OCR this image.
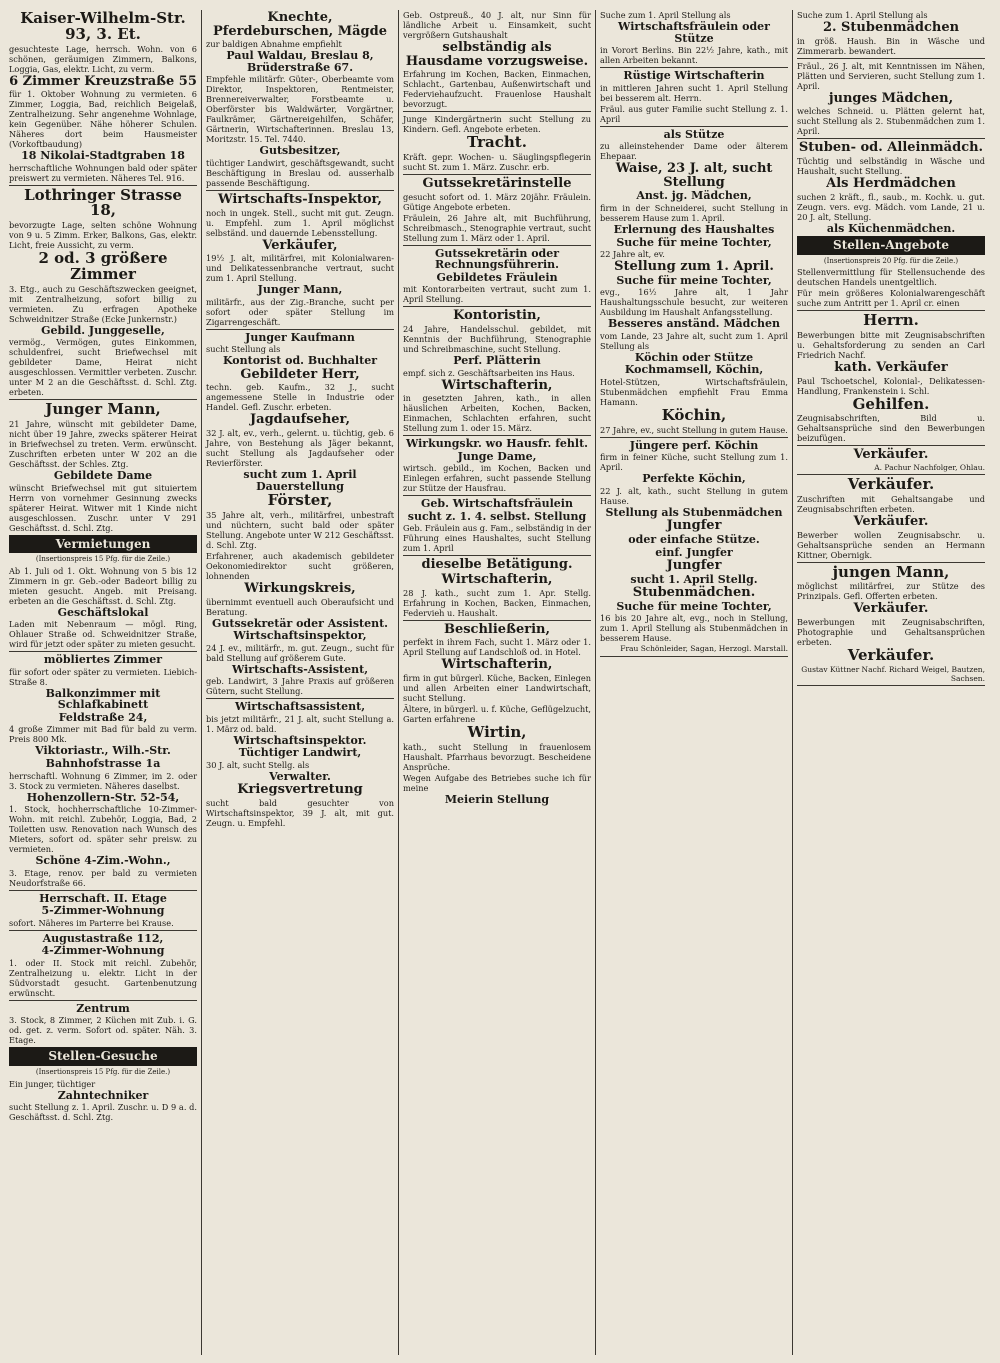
Kaiser-Wilhelm-Str. 93, 3. Et.
gesuchteste Lage, herrsch. Wohn. von 6 schönen, geräumigen Zimmern, Balkons, Loggia, Gas, elektr. Licht, zu verm.
6 Zimmer Kreuzstraße 55
für 1. Oktober Wohnung zu vermieten. 6 Zimmer, Loggia, Bad, reichlich Beigelaß, Zentralheizung. Sehr angenehme Wohnlage, kein Gegenüber. Nähe höherer Schulen. Näheres dort beim Hausmeister (Vorkoftbaudung)
18 Nikolai-Stadtgraben 18
herrschaftliche Wohnungen bald oder später preiswert zu vermieten. Näheres Tel. 916.
Lothringer Strasse 18,
bevorzugte Lage, selten schöne Wohnung von 9 u. 5 Zimm. Erker, Balkons, Gas, elektr. Licht, freie Aussicht, zu verm.
2 od. 3 größere Zimmer
3. Etg., auch zu Geschäftszwecken geeignet, mit Zentralheizung, sofort billig zu vermieten. Zu erfragen Apotheke Schweidnitzer Straße (Ecke Junkernstr.)
Gebild. Junggeselle,
vermög., Vermögen, gutes Einkommen, schuldenfrei, sucht Briefwechsel mit gebildeter Dame, Heirat nicht ausgeschlossen. Vermittler verbeten. Zuschr. unter M 2 an die Geschäftsst. d. Schl. Ztg. erbeten.
Junger Mann,
21 Jahre, wünscht mit gebildeter Dame, nicht über 19 Jahre, zwecks späterer Heirat in Briefwechsel zu treten. Verm. erwünscht. Zuschriften erbeten unter W 202 an die Geschäftsst. der Schles. Ztg.
Gebildete Dame
wünscht Briefwechsel mit gut situiertem Herrn von vornehmer Gesinnung zwecks späterer Heirat. Witwer mit 1 Kinde nicht ausgeschlossen. Zuschr. unter V 291 Geschäftsst. d. Schl. Ztg.
Vermietungen
(Insertionspreis 15 Pfg. für die Zeile.)
Ab 1. Juli od 1. Okt. Wohnung von 5 bis 12 Zimmern in gr. Geb.-oder Badeort billig zu mieten gesucht. Angeb. mit Preisang. erbeten an die Geschäftsst. d. Schl. Ztg.
Geschäftslokal
Laden mit Nebenraum — mögl. Ring, Ohlauer Straße od. Schweidnitzer Straße, wird für jetzt oder später zu mieten gesucht.
möbliertes Zimmer
für sofort oder später zu vermieten. Liebich-Straße 8.
Balkonzimmer mit Schlafkabinett
Feldstraße 24,
4 große Zimmer mit Bad für bald zu verm. Preis 800 Mk.
Viktoriastr., Wilh.-Str.
Bahnhofstrasse 1a
herrschaftl. Wohnung 6 Zimmer, im 2. oder 3. Stock zu vermieten. Näheres daselbst.
Hohenzollern-Str. 52-54,
1. Stock, hochherrschaftliche 10-Zimmer-Wohn. mit reichl. Zubehör, Loggia, Bad, 2 Toiletten usw. Renovation nach Wunsch des Mieters, sofort od. später sehr preisw. zu vermieten.
Schöne 4-Zim.-Wohn.,
3. Etage, renov. per bald zu vermieten Neudorfstraße 66.
Herrschaft. II. Etage
5-Zimmer-Wohnung
sofort. Näheres im Parterre bei Krause.
Augustastraße 112,
4-Zimmer-Wohnung
1. oder II. Stock mit reichl. Zubehör, Zentralheizung u. elektr. Licht in der Südvorstadt gesucht. Gartenbenutzung erwünscht.
Zentrum
3. Stock, 8 Zimmer, 2 Küchen mit Zub. i. G. od. get. z. verm. Sofort od. später. Näh. 3. Etage.
Stellen-Gesuche
(Insertionspreis 15 Pfg. für die Zeile.)
Ein junger, tüchtiger
Zahntechniker
sucht Stellung z. 1. April. Zuschr. u. D 9 a. d. Geschäftsst. d. Schl. Ztg.
Knechte, Pferdeburschen, Mägde
zur baldigen Abnahme empfiehlt
Paul Waldau, Breslau 8, Brüderstraße 67.
Empfehle militärfr. Güter-, Oberbeamte vom Direktor, Inspektoren, Rentmeister, Brennereiverwalter, Forstbeamte u. Oberförster bis Waldwärter, Vorgärtner, Faulkrämer, Gärtnereigehilfen, Schäfer, Gärtnerin, Wirtschafterinnen. Breslau 13, Moritzstr. 15. Tel. 7440.
Gutsbesitzer,
tüchtiger Landwirt, geschäftsgewandt, sucht Beschäftigung in Breslau od. ausserhalb passende Beschäftigung.
Wirtschafts-Inspektor,
noch in ungek. Stell., sucht mit gut. Zeugn. u. Empfehl. zum 1. April möglichst selbständ. und dauernde Lebensstellung.
Verkäufer,
19½ J. alt, militärfrei, mit Kolonialwaren- und Delikatessenbranche vertraut, sucht zum 1. April Stellung.
Junger Mann,
militärfr., aus der Zig.-Branche, sucht per sofort oder später Stellung im Zigarrengeschäft.
Junger Kaufmann
sucht Stellung als
Kontorist od. Buchhalter
Gebildeter Herr,
techn. geb. Kaufm., 32 J., sucht angemessene Stelle in Industrie oder Handel. Gefl. Zuschr. erbeten.
Jagdaufseher,
32 J. alt, ev., verh., gelernt. u. tüchtig, geb. 6 Jahre, von Bestehung als Jäger bekannt, sucht Stellung als Jagdaufseher oder Revierförster.
sucht zum 1. April Dauerstellung
Förster,
35 Jahre alt, verh., militärfrei, unbestraft und nüchtern, sucht bald oder später Stellung. Angebote unter W 212 Geschäftsst. d. Schl. Ztg.
Erfahrener, auch akademisch gebildeter Oekonomiedirektor sucht größeren, lohnenden
Wirkungskreis,
übernimmt eventuell auch Oberaufsicht und Beratung.
Gutssekretär oder Assistent.
Wirtschaftsinspektor,
24 J. ev., militärfr., m. gut. Zeugn., sucht für bald Stellung auf größerem Gute.
Wirtschafts-Assistent,
geb. Landwirt, 3 Jahre Praxis auf größeren Gütern, sucht Stellung.
Wirtschaftsassistent,
bis jetzt militärfr., 21 J. alt, sucht Stellung a. 1. März od. bald.
Wirtschaftsinspektor.
Tüchtiger Landwirt,
30 J. alt, sucht Stellg. als
Verwalter.
Kriegsvertretung
sucht bald gesuchter von Wirtschaftsinspektor, 39 J. alt, mit gut. Zeugn. u. Empfehl.
Geb. Ostpreuß., 40 J. alt, nur Sinn für ländliche Arbeit u. Einsamkeit, sucht vergrößern Gutshaushalt
selbständig als Hausdame vorzugsweise.
Erfahrung im Kochen, Backen, Einmachen, Schlacht., Gartenbau, Außenwirtschaft und Federviehaufzucht. Frauenlose Haushalt bevorzugt.
Junge Kindergärtnerin sucht Stellung zu Kindern. Gefl. Angebote erbeten.
Tracht.
Kräft. gepr. Wochen- u. Säuglingspflegerin sucht St. zum 1. März. Zuschr. erb.
Gutssekretärinstelle
gesucht sofort od. 1. März 20jähr. Fräulein. Gütige Angebote erbeten.
Fräulein, 26 Jahre alt, mit Buchführung, Schreibmasch., Stenographie vertraut, sucht Stellung zum 1. März oder 1. April.
Gutssekretärin oder Rechnungsführerin.
Gebildetes Fräulein
mit Kontorarbeiten vertraut, sucht zum 1. April Stellung.
Kontoristin,
24 Jahre, Handelsschul. gebildet, mit Kenntnis der Buchführung, Stenographie und Schreibmaschine, sucht Stellung.
Perf. Plätterin
empf. sich z. Geschäftsarbeiten ins Haus.
Wirtschafterin,
in gesetzten Jahren, kath., in allen häuslichen Arbeiten, Kochen, Backen, Einmachen, Schlachten erfahren, sucht Stellung zum 1. oder 15. März.
Wirkungskr. wo Hausfr. fehlt.
Junge Dame,
wirtsch. gebild., im Kochen, Backen und Einlegen erfahren, sucht passende Stellung zur Stütze der Hausfrau.
Geb. Wirtschaftsfräulein
sucht z. 1. 4. selbst. Stellung
Geb. Fräulein aus g. Fam., selbständig in der Führung eines Haushaltes, sucht Stellung zum 1. April
dieselbe Betätigung.
Wirtschafterin,
28 J. kath., sucht zum 1. Apr. Stellg. Erfahrung in Kochen, Backen, Einmachen, Federvieh u. Haushalt.
Beschließerin,
perfekt in ihrem Fach, sucht 1. März oder 1. April Stellung auf Landschloß od. in Hotel.
Wirtschafterin,
firm in gut bürgerl. Küche, Backen, Einlegen und allen Arbeiten einer Landwirtschaft, sucht Stellung.
Ältere, in bürgerl. u. f. Küche, Geflügelzucht, Garten erfahrene
Wirtin,
kath., sucht Stellung in frauenlosem Haushalt. Pfarrhaus bevorzugt. Bescheidene Ansprüche.
Wegen Aufgabe des Betriebes suche ich für meine
Meierin Stellung
Suche zum 1. April Stellung als
Wirtschaftsfräulein oder Stütze
in Vorort Berlins. Bin 22½ Jahre, kath., mit allen Arbeiten bekannt.
Rüstige Wirtschafterin
in mittleren Jahren sucht 1. April Stellung bei besserem alt. Herrn.
Fräul. aus guter Familie sucht Stellung z. 1. April
als Stütze
zu alleinstehender Dame oder älterem Ehepaar.
Waise, 23 J. alt, sucht Stellung
Anst. jg. Mädchen,
firm in der Schneiderei, sucht Stellung in besserem Hause zum 1. April.
Erlernung des Haushaltes
Suche für meine Tochter,
22 Jahre alt, ev.
Stellung zum 1. April.
Suche für meine Tochter,
evg., 16½ Jahre alt, 1 Jahr Haushaltungsschule besucht, zur weiteren Ausbildung im Haushalt Anfangsstellung.
Besseres anständ. Mädchen
vom Lande, 23 Jahre alt, sucht zum 1. April Stellung als
Köchin oder Stütze
Kochmamsell, Köchin,
Hotel-Stützen, Wirtschaftsfräulein, Stubenmädchen empfiehlt Frau Emma Hamann.
Köchin,
27 Jahre, ev., sucht Stellung in gutem Hause.
Jüngere perf. Köchin
firm in feiner Küche, sucht Stellung zum 1. April.
Perfekte Köchin,
22 J. alt, kath., sucht Stellung in gutem Hause.
Stellung als Stubenmädchen
Jungfer
oder einfache Stütze.
einf. Jungfer
Jungfer
sucht 1. April Stellg.
Stubenmädchen.
Suche für meine Tochter,
16 bis 20 Jahre alt, evg., noch in Stellung, zum 1. April Stellung als Stubenmädchen in besserem Hause.
Frau Schönleider, Sagan, Herzogl. Marstall.
Suche zum 1. April Stellung als
2. Stubenmädchen
in größ. Haush. Bin in Wäsche und Zimmerarb. bewandert.
Fräul., 26 J. alt, mit Kenntnissen im Nähen, Plätten und Servieren, sucht Stellung zum 1. April.
junges Mädchen,
welches Schneid. u. Plätten gelernt hat, sucht Stellung als 2. Stubenmädchen zum 1. April.
Stuben- od. Alleinmädch.
Tüchtig und selbständig in Wäsche und Haushalt, sucht Stellung.
Als Herdmädchen
suchen 2 kräft., fl., saub., m. Kochk. u. gut. Zeugn. vers. evg. Mädch. vom Lande, 21 u. 20 J. alt, Stellung.
als Küchenmädchen.
Stellen-Angebote
(Insertionspreis 20 Pfg. für die Zeile.)
Stellenvermittlung für Stellensuchende des deutschen Handels unentgeltlich.
Für mein größeres Kolonialwarengeschäft suche zum Antritt per 1. April cr. einen
Herrn.
Bewerbungen bitte mit Zeugnisabschriften u. Gehaltsforderung zu senden an Carl Friedrich Nachf.
kath. Verkäufer
Paul Tschoetschel, Kolonial-, Delikatessen-Handlung, Frankenstein i. Schl.
Gehilfen.
Zeugnisabschriften, Bild u. Gehaltsansprüche sind den Bewerbungen beizufügen.
Verkäufer.
A. Pachur Nachfolger, Ohlau.
Verkäufer.
Zuschriften mit Gehaltsangabe und Zeugnisabschriften erbeten.
Verkäufer.
Bewerber wollen Zeugnisabschr. u. Gehaltsansprüche senden an Hermann Kittner, Obernigk.
jungen Mann,
möglichst militärfrei, zur Stütze des Prinzipals. Gefl. Offerten erbeten.
Verkäufer.
Bewerbungen mit Zeugnisabschriften, Photographie und Gehaltsansprüchen erbeten.
Verkäufer.
Gustav Küttner Nachf. Richard Weigel, Bautzen, Sachsen.
